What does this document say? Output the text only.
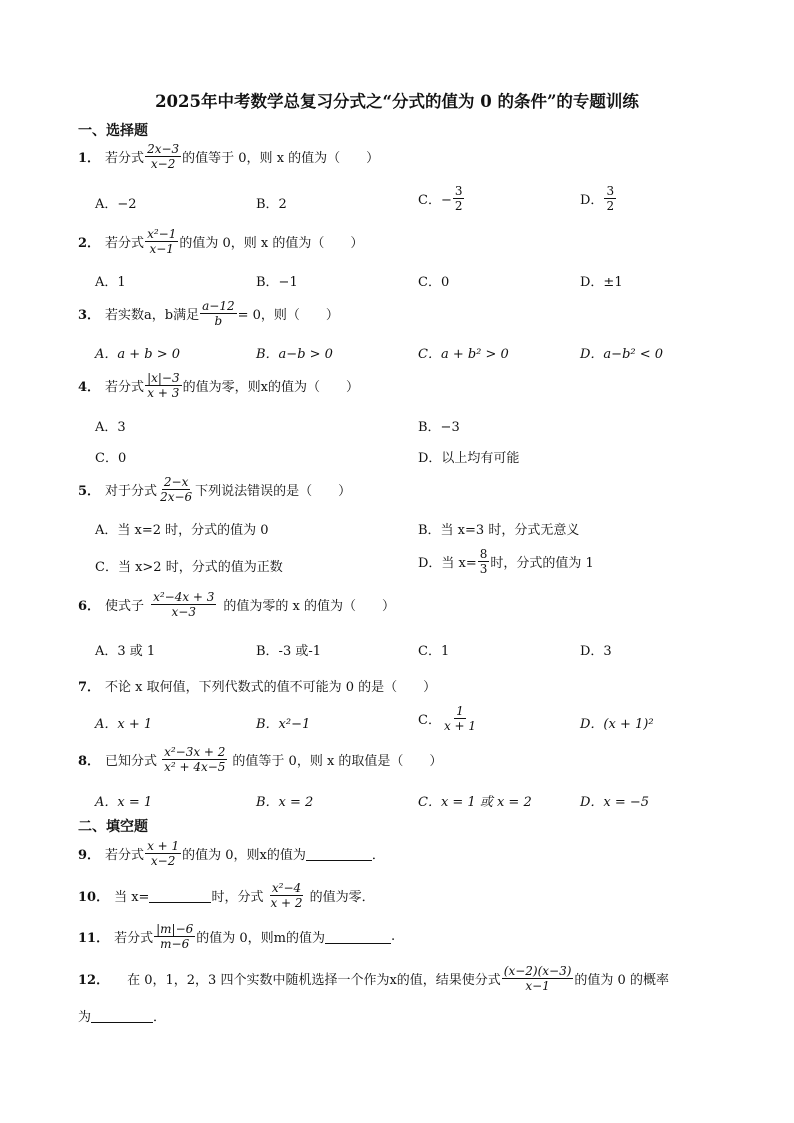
2025年中考数学总复习分式之“分式的值为 0 的条件”的专题训练
一、选择题
1． 若分式 $\frac{2x-3}{x-2}$ 的值等于 0，则 x 的值为（　　）
A．−2	B．2	C．− $\frac{3}{2}$	D． $\frac{3}{2}$
2． 若分式 $\frac{\text{x²−1}}{x-1}$ 的值为 0，则 x 的值为（　　）
A．1	B．−1	C．0	D．±1
3． 若实数a，b满足 $\frac{a-12}{b} = 0$，则（　　）
A．a + b > 0	B．a−b > 0	C．a + b² > 0	D．a−b² < 0
4． 若分式 $\frac{|x|-3}{x + 3}$ 的值为零，则x的值为（　　）
A．3	B．−3
C．0	D．以上均有可能
5． 对于分式 $\frac{2-x}{2x-6}$ 下列说法错误的是（　　）
A．当 x=2 时，分式的值为 0	B．当 x=3 时，分式无意义
C．当 x>2 时，分式的值为正数	D．当 $x= \frac{8}{3}$ 时，分式的值为 1
6． 使式子 $\frac{\text{x²−4x + 3}}{x-3}$ 的值为零的 x 的值为（　　）
A．3 或 1	B．-3 或-1	C．1	D．3
7． 不论 x 取何值，下列代数式的值不可能为 0 的是（　　）
A．x + 1	B．x²−1	C． $\frac{1}{x + 1}$	D．(x + 1)²
8． 已知分式 $\frac{\text{x²−3x + 2}}{\text{x² + 4x−5}}$ 的值等于 0，则 x 的取值是（　　）
A．x = 1	B．x = 2	C．x = 1 或 x = 2	D．x = −5
二、填空题
9． 若分式 $\frac{x + 1}{x-2}$ 的值为 0，则x的值为	．
10． 当 x=	时，分式 $\frac{\text{x²−4}}{x + 2}$ 的值为零．
11． 若分式 $\frac{|m|-6}{m-6}$ 的值为 0，则m的值为	.
12． 　在 0，1，2，3 四个实数中随机选择一个作为x的值，结果使分式 $\frac{(x-2)(x-3)}{x-1}$ 的值为 0 的概率
为	．
